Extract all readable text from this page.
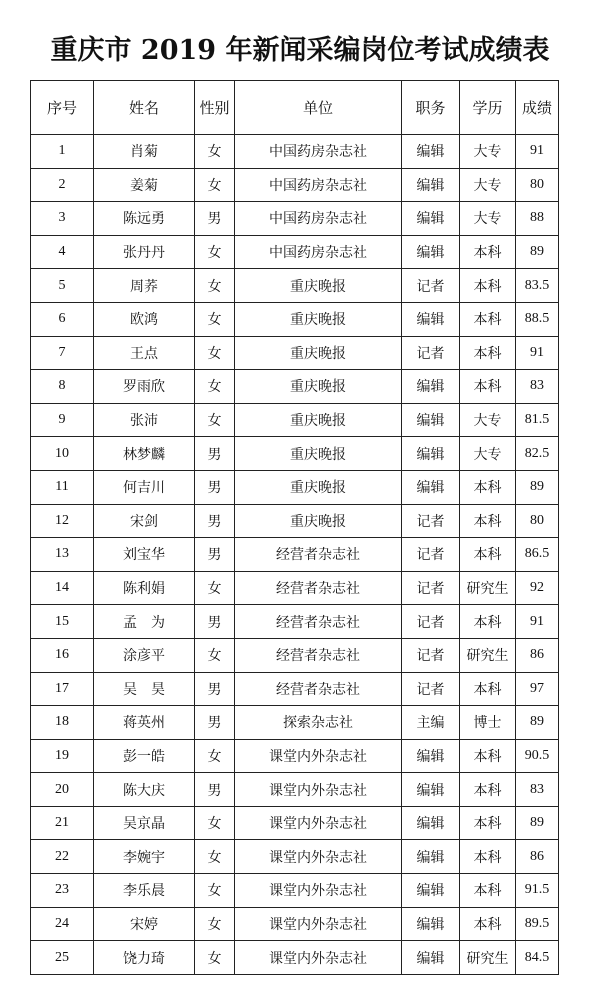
重庆市 2019 年新闻采编岗位考试成绩表
序号	姓名	性别	单位	职务	学历	成绩
1	肖菊	女	中国药房杂志社	编辑	大专	91
2	姜菊	女	中国药房杂志社	编辑	大专	80
3	陈远勇	男	中国药房杂志社	编辑	大专	88
4	张丹丹	女	中国药房杂志社	编辑	本科	89
5	周荞	女	重庆晚报	记者	本科	83.5
6	欧鸿	女	重庆晚报	编辑	本科	88.5
7	王点	女	重庆晚报	记者	本科	91
8	罗雨欣	女	重庆晚报	编辑	本科	83
9	张沛	女	重庆晚报	编辑	大专	81.5
10	林梦麟	男	重庆晚报	编辑	大专	82.5
11	何吉川	男	重庆晚报	编辑	本科	89
12	宋剑	男	重庆晚报	记者	本科	80
13	刘宝华	男	经营者杂志社	记者	本科	86.5
14	陈利娟	女	经营者杂志社	记者	研究生	92
15	孟　为	男	经营者杂志社	记者	本科	91
16	涂彦平	女	经营者杂志社	记者	研究生	86
17	吴　昊	男	经营者杂志社	记者	本科	97
18	蒋英州	男	探索杂志社	主编	博士	89
19	彭一皓	女	课堂内外杂志社	编辑	本科	90.5
20	陈大庆	男	课堂内外杂志社	编辑	本科	83
21	吴京晶	女	课堂内外杂志社	编辑	本科	89
22	李婉宇	女	课堂内外杂志社	编辑	本科	86
23	李乐晨	女	课堂内外杂志社	编辑	本科	91.5
24	宋婷	女	课堂内外杂志社	编辑	本科	89.5
25	饶力琦	女	课堂内外杂志社	编辑	研究生	84.5
